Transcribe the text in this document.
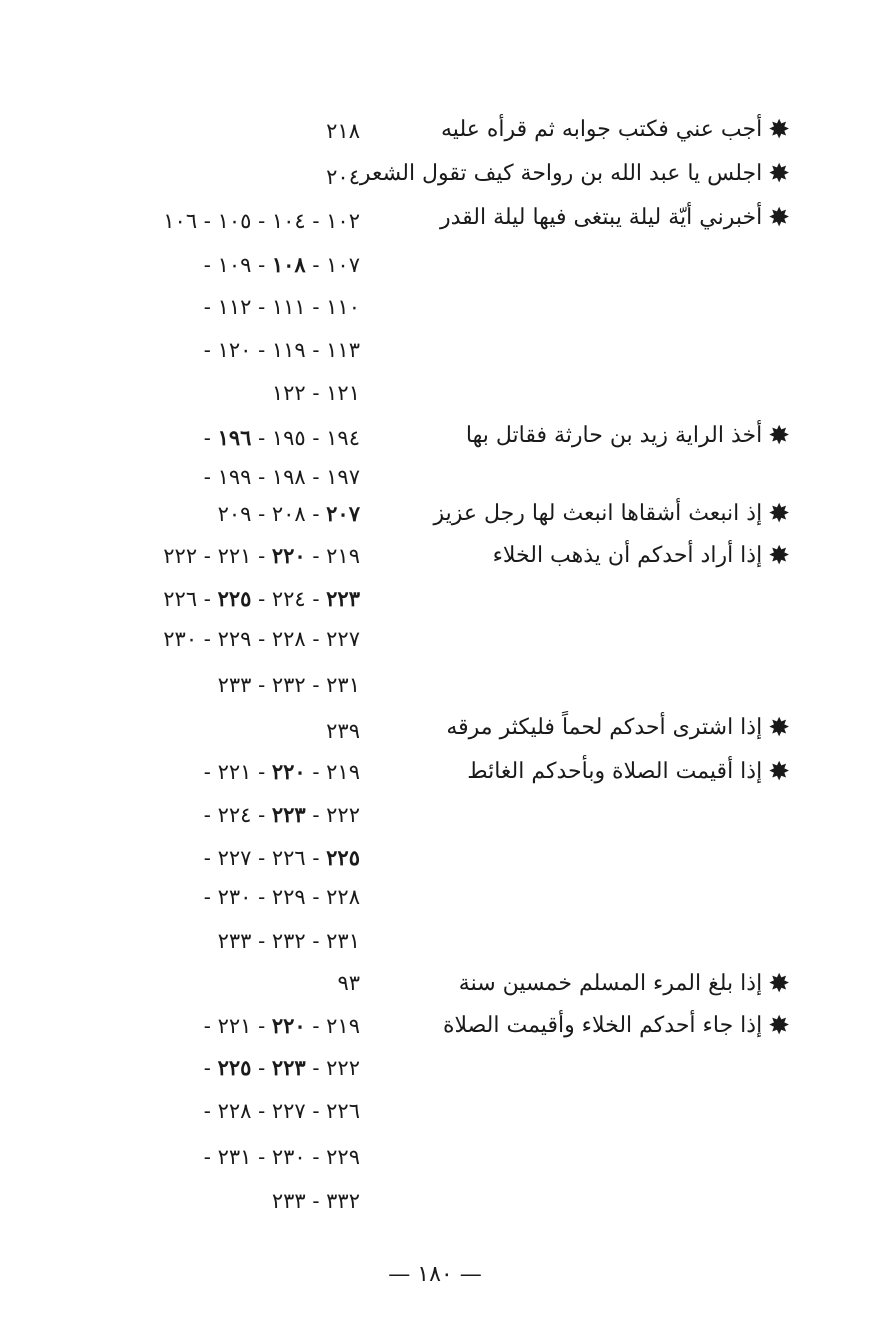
✸أجب عني فكتب جوابه ثم قرأه عليه
٢١٨
✸اجلس يا عبد الله بن رواحة كيف تقول الشعر
٢٠٤
✸أخبرني أيّة ليلة يبتغى فيها ليلة القدر
١٠٢ - ١٠٤ - ١٠٥ - ١٠٦
١٠٧ - ١٠٨ - ١٠٩ -
١١٠ - ١١١ - ١١٢ -
١١٣ - ١١٩ - ١٢٠ -
١٢١ - ١٢٢
✸أخذ الراية زيد بن حارثة فقاتل بها
١٩٤ - ١٩٥ - ١٩٦ -
١٩٧ - ١٩٨ - ١٩٩ -
✸إذ انبعث أشقاها انبعث لها رجل عزيز
٢٠٧ - ٢٠٨ - ٢٠٩
✸إذا أراد أحدكم أن يذهب الخلاء
٢١٩ - ٢٢٠ - ٢٢١ - ٢٢٢
٢٢٣ - ٢٢٤ - ٢٢٥ - ٢٢٦
٢٢٧ - ٢٢٨ - ٢٢٩ - ٢٣٠
٢٣١ - ٢٣٢ - ٢٣٣
✸إذا اشترى أحدكم لحماً فليكثر مرقه
٢٣٩
✸إذا أقيمت الصلاة وبأحدكم الغائط
٢١٩ - ٢٢٠ - ٢٢١ -
٢٢٢ - ٢٢٣ - ٢٢٤ -
٢٢٥ - ٢٢٦ - ٢٢٧ -
٢٢٨ - ٢٢٩ - ٢٣٠ -
٢٣١ - ٢٣٢ - ٢٣٣
✸إذا بلغ المرء المسلم خمسين سنة
٩٣
✸إذا جاء أحدكم الخلاء وأقيمت الصلاة
٢١٩ - ٢٢٠ - ٢٢١ -
٢٢٢ - ٢٢٣ - ٢٢٥ -
٢٢٦ - ٢٢٧ - ٢٢٨ -
٢٢٩ - ٢٣٠ - ٢٣١ -
٣٣٢ - ٢٣٣
— ١٨٠ —
